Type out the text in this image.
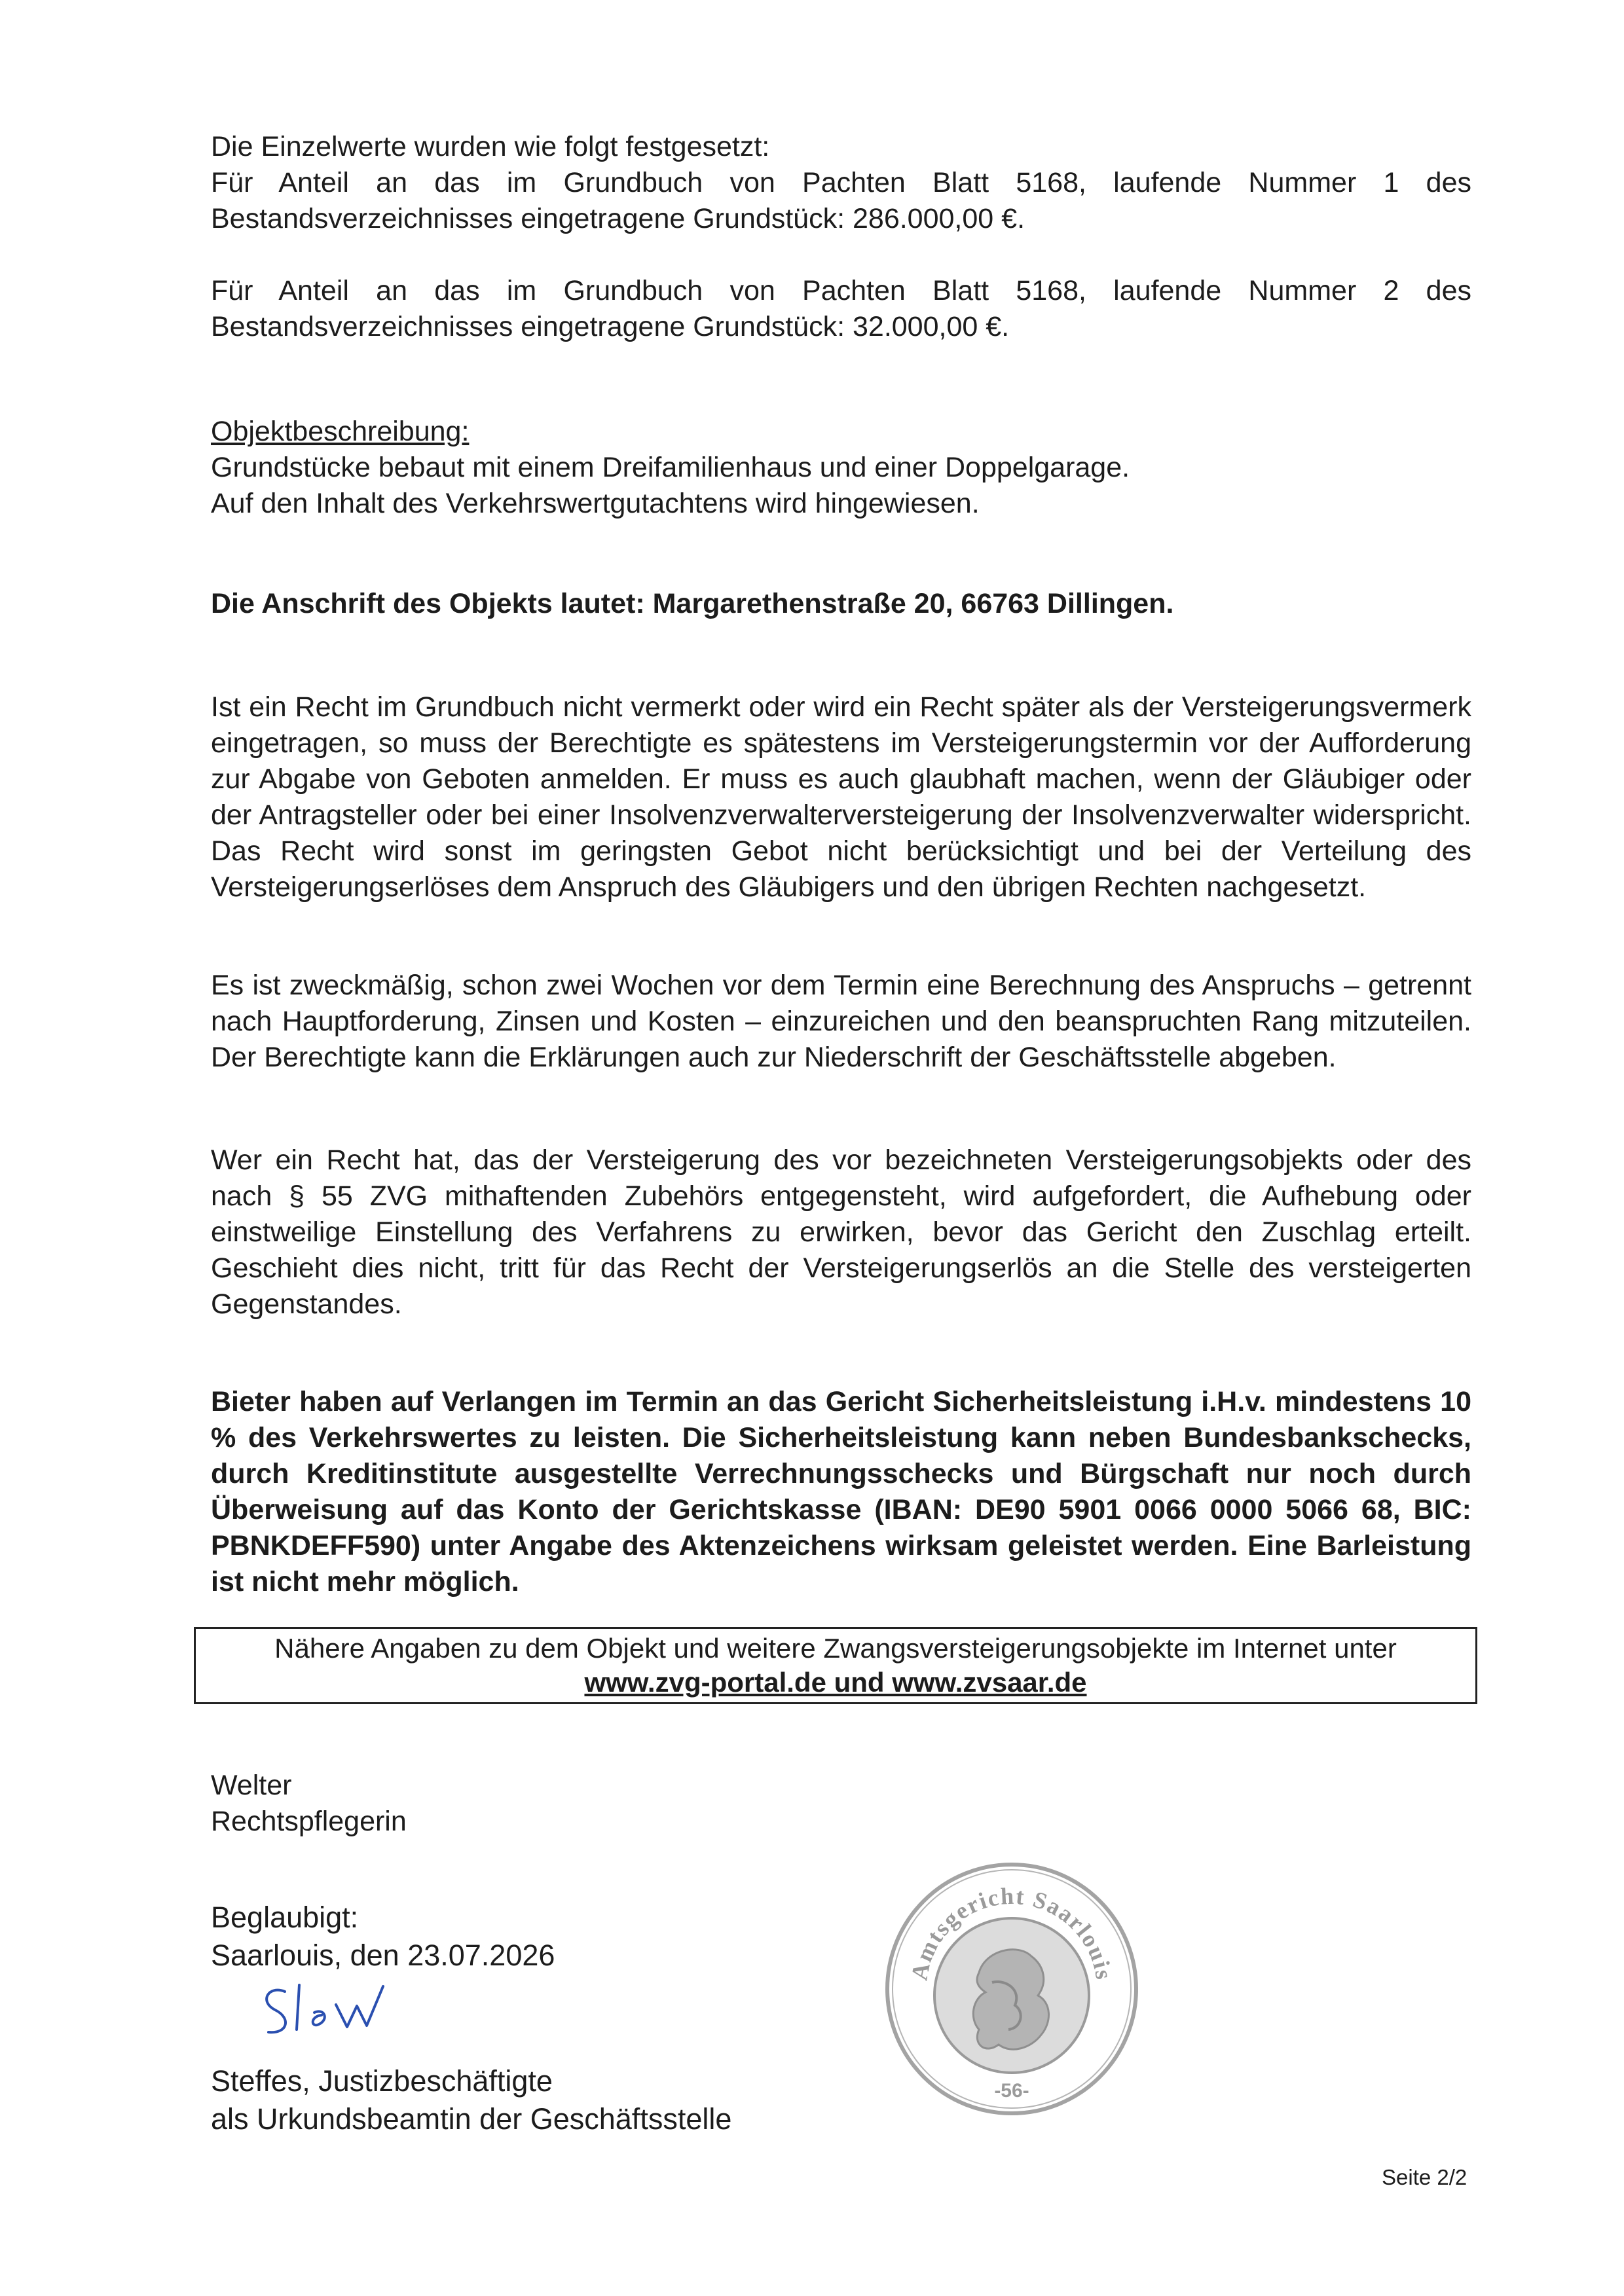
Die Einzelwerte wurden wie folgt festgesetzt:

Für Anteil an das im Grundbuch von Pachten Blatt 5168, laufende Nummer 1 des Bestandsverzeichnisses eingetragene Grundstück: 286.000,00 €.

Für Anteil an das im Grundbuch von Pachten Blatt 5168, laufende Nummer 2 des Bestandsverzeichnisses eingetragene Grundstück: 32.000,00 €.

Objektbeschreibung:

Grundstücke bebaut mit einem Dreifamilienhaus und einer Doppelgarage.

Auf den Inhalt des Verkehrswertgutachtens wird hingewiesen.

Die Anschrift des Objekts lautet: Margarethenstraße 20, 66763 Dillingen.
Ist ein Recht im Grundbuch nicht vermerkt oder wird ein Recht später als der Versteigerungsvermerk eingetragen, so muss der Berechtigte es spätestens im Versteigerungstermin vor der Aufforderung zur Abgabe von Geboten anmelden. Er muss es auch glaubhaft machen, wenn der Gläubiger oder der Antragsteller oder bei einer Insolvenzverwalterversteigerung der Insolvenzverwalter widerspricht. Das Recht wird sonst im geringsten Gebot nicht berücksichtigt und bei der Verteilung des Versteigerungserlöses dem Anspruch des Gläubigers und den übrigen Rechten nachgesetzt.
Es ist zweckmäßig, schon zwei Wochen vor dem Termin eine Berechnung des Anspruchs – getrennt nach Hauptforderung, Zinsen und Kosten – einzureichen und den beanspruchten Rang mitzuteilen. Der Berechtigte kann die Erklärungen auch zur Niederschrift der Geschäftsstelle abgeben.
Wer ein Recht hat, das der Versteigerung des vor bezeichneten Versteigerungsobjekts oder des nach § 55 ZVG mithaftenden Zubehörs entgegensteht, wird aufgefordert, die Aufhebung oder einstweilige Einstellung des Verfahrens zu erwirken, bevor das Gericht den Zuschlag erteilt. Geschieht dies nicht, tritt für das Recht der Versteigerungserlös an die Stelle des versteigerten Gegenstandes.
Bieter haben auf Verlangen im Termin an das Gericht Sicherheitsleistung i.H.v. mindestens 10 % des Verkehrswertes zu leisten. Die Sicherheitsleistung kann neben Bundesbankschecks, durch Kreditinstitute ausgestellte Verrechnungsschecks und Bürgschaft nur noch durch Überweisung auf das Konto der Gerichtskasse (IBAN: DE90 5901 0066 0000 5066 68, BIC: PBNKDEFF590) unter Angabe des Aktenzeichens wirksam geleistet werden. Eine Barleistung ist nicht mehr möglich.
Nähere Angaben zu dem Objekt und weitere Zwangsversteigerungsobjekte im Internet unter
www.zvg-portal.de und www.zvsaar.de

Welter

Rechtspflegerin

Beglaubigt:

Saarlouis, den 23.07.2026

Steffes, Justizbeschäftigte

als Urkundsbeamtin der Geschäftsstelle

Amtsgericht Saarlouis
-56-
Seite 2/2
